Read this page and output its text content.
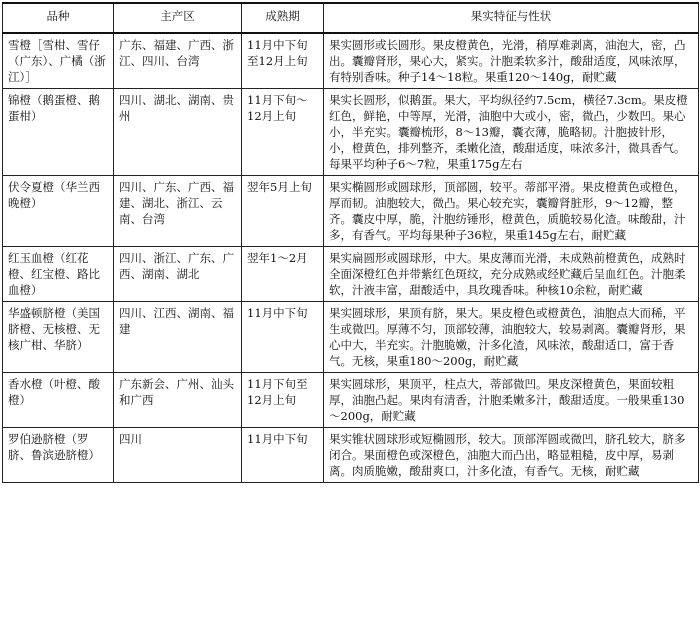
品种	主产区	成熟期	果实特征与性状
雪橙［雪柑、雪仔（广东）、广橘（浙江）］	广东、福建、广西、浙江、四川、台湾	11月中下旬至12月上旬	果实圆形或长圆形。果皮橙黄色，光滑，稍厚难剥离，油泡大，密，凸出。囊瓣肾形，果心大，紧实。汁胞柔软多汁，酸甜适度，风味浓厚，有特别香味。种子14～18粒。果重120～140g，耐贮藏
锦橙（鹅蛋橙、鹅蛋柑）	四川、湖北、湖南、贵州	11月下旬～12月上旬	果实长圆形，似鹅蛋。果大，平均纵径约7.5cm，横径7.3cm。果皮橙红色，鲜艳，中等厚，光滑，油胞中大或小，密，微凸，少数凹。果心小，半充实。囊瓣梳形，8～13瓣，囊衣薄，脆略韧。汁胞披针形，小，橙黄色，排列整齐，柔嫩化渣，酸甜适度，味浓多汁，微具香气。每果平均种子6～7粒，果重175g左右
伏令夏橙（华兰西晚橙）	四川、广东、广西、福建、湖北、浙江、云南、台湾	翌年5月上旬	果实椭圆形或圆球形，顶部圆，较平。蒂部平滑。果皮橙黄色或橙色，厚而韧。油胞较大，微凸。果心较充实，囊瓣肾脏形，9～12瓣，整齐。囊皮中厚，脆，汁胞纺锤形，橙黄色，质脆较易化渣。味酸甜，汁多，有香气。平均每果种子36粒，果重145g左右，耐贮藏
红玉血橙（红花橙、红宝橙、路比血橙）	四川、浙江、广东、广西、湖南、湖北	翌年1～2月	果实扁圆形或圆球形，中大。果皮薄而光滑，未成熟前橙黄色，成熟时全面深橙红色并带紫红色斑纹，充分成熟或经贮藏后呈血红色。汁胞柔软，汁液丰富，甜酸适中，具玫瑰香味。种核10余粒，耐贮藏
华盛顿脐橙（美国脐橙、无核橙、无核广柑、华脐）	四川、江西、湖南、福建	11月中下旬	果实圆球形，果顶有脐，果大。果皮橙色或橙黄色，油胞点大而稀，平生或微凹。厚薄不匀，顶部较薄，油胞较大，较易剥离。囊瓣肾形，果心中大，半充实。汁胞脆嫩，汁多化渣，风味浓，酸甜适口，富于香气。无核，果重180～200g，耐贮藏
香水橙（叶橙、酸橙）	广东新会、广州、汕头和广西	11月下旬至12月上旬	果实圆球形，果顶平，柱点大，蒂部微凹。果皮深橙黄色，果面较粗厚，油胞凸起。果肉有清香，汁胞柔嫩多汁，酸甜适度。一般果重130～200g，耐贮藏
罗伯逊脐橙（罗脐、鲁滨逊脐橙）	四川	11月中下旬	果实锥状圆球形或短椭圆形，较大。顶部浑圆或微凹，脐孔较大，脐多闭合。果面橙色或深橙色，油胞大而凸出，略显粗糙，皮中厚，易剥离。肉质脆嫩，酸甜爽口，汁多化渣，有香气。无核，耐贮藏
